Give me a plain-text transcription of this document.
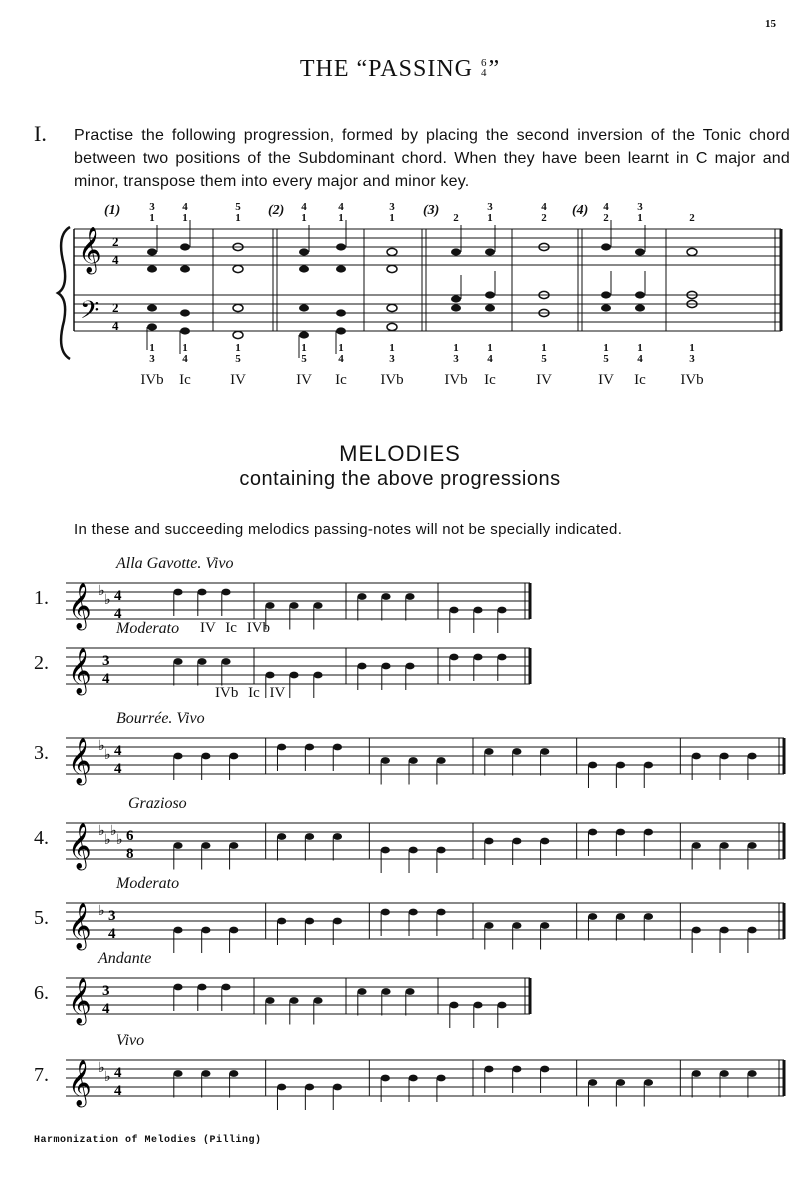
15
THE “PASSING 6
4 ”
I. Practise the following progression, formed by placing the second inversion of the Tonic chord between two positions of the Subdominant chord. When they have been learnt in C major and minor, transpose them into every major and minor key.
𝄞
𝄢
2
4
2
4
(1)	(2)	(3)	(4)
3
1
4
1
5
1
1
3
1
4
1
5
IVb	Ic	IV
4
1
4
1
3
1
1
5
1
4
1
3
IV	Ic	IVb
2
3
1
4
2
1
3
1
4
1
5
IVb	Ic	IV
4
2
3
1	2
1
5
1
4
1
3
IV	Ic	IVb
MELODIES
containing the above progressions
In these and succeeding melodics passing-notes will not be specially indicated.
1.
Alla Gavotte. Vivo
𝄞 ♭
♭ 4
4
IV Ic IVb
2.
Moderato
𝄞 3
4
IVb Ic IV
3.
Bourrée. Vivo
𝄞 ♭
♭ 4
4
4.
Grazioso
𝄞 ♭
♭
♭
♭ 6
8
5.
Moderato
𝄞 ♭ 3
4
6.
Andante
𝄞 3
4
7.
Vivo
𝄞 ♭
♭ 4
4
Harmonization of Melodies (Pilling)
